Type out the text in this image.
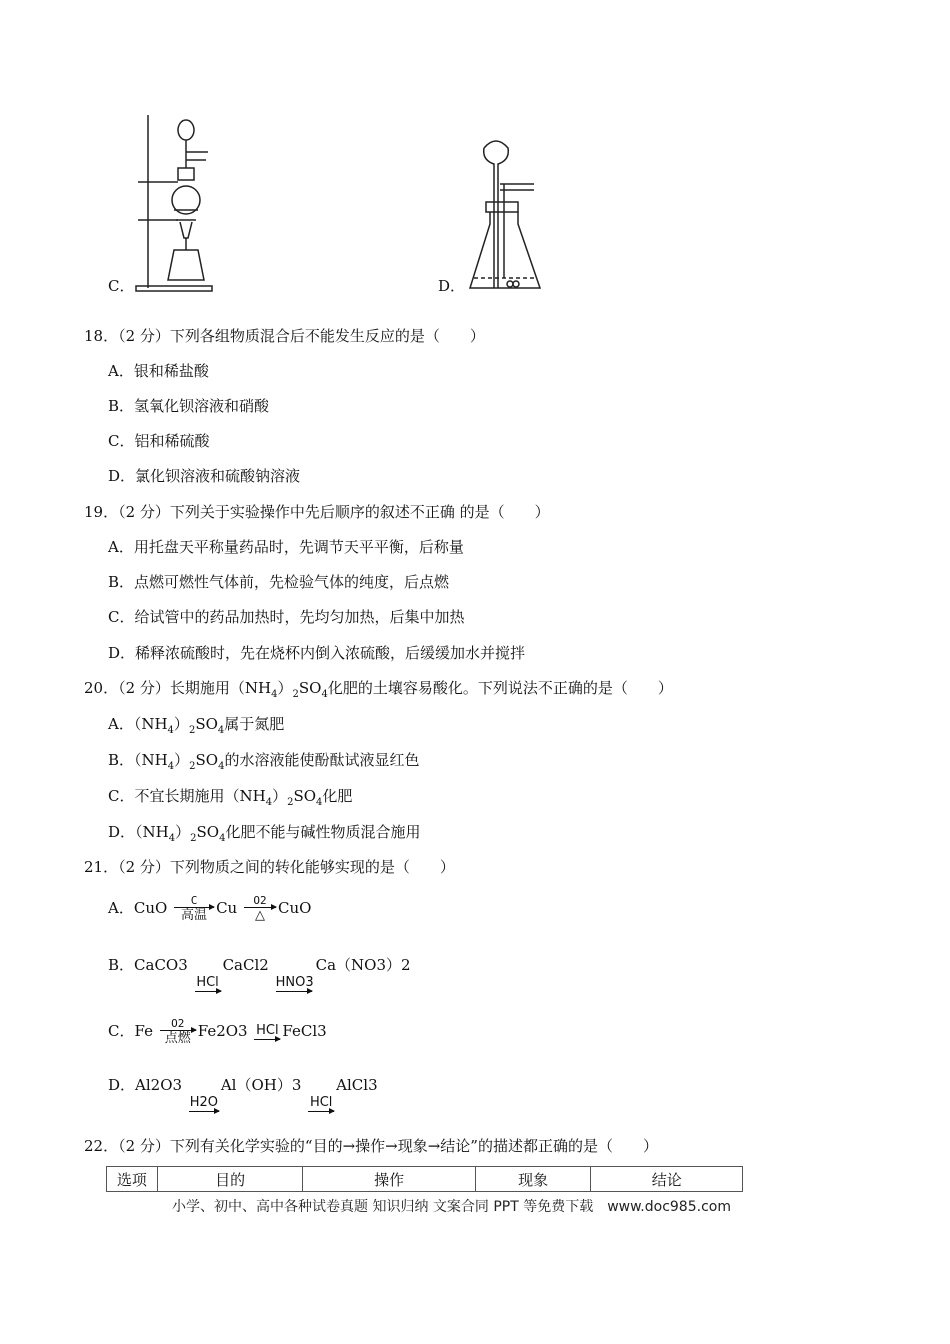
C．	D．
18．（2 分）下列各组物质混合后不能发生反应的是（　　）
A．银和稀盐酸
B．氢氧化钡溶液和硝酸
C．铝和稀硫酸
D．氯化钡溶液和硫酸钠溶液
19．（2 分）下列关于实验操作中先后顺序的叙述不正确 的是（　　）
A．用托盘天平称量药品时，先调节天平平衡，后称量
B．点燃可燃性气体前，先检验气体的纯度，后点燃
C．给试管中的药品加热时，先均匀加热，后集中加热
D．稀释浓硫酸时，先在烧杯内倒入浓硫酸，后缓缓加水并搅拌
20．（2 分）长期施用$(NH_4)_2SO_4$化肥的土壤容易酸化。下列说法不正确的是（　　）
A．$(NH_4)_2SO_4$属于氮肥
B．$(NH_4)_2SO_4$的水溶液能使酚酞试液显红色
C．不宜长期施用$(NH_4)_2SO_4$化肥
D．$(NH_4)_2SO_4$化肥不能与碱性物质混合施用
21．（2 分）下列物质之间的转化能够实现的是（　　）
A．CuO	C
高温 Cu	O2
△ CuO
B．CaCO3
HCl
CaCl2
HNO3
Ca（NO3）2
C．Fe	O2
点燃 Fe2O3 HCl FeCl3
D．Al2O3
H2O
Al（OH）3
HCl
AlCl3
22．（2 分）下列有关化学实验的“目的→操作→现象→结论”的描述都正确的是（　　）
选项	目的	操作	现象	结论
小学、初中、高中各种试卷真题 知识归纳 文案合同 PPT 等免费下载　www.doc985.com
